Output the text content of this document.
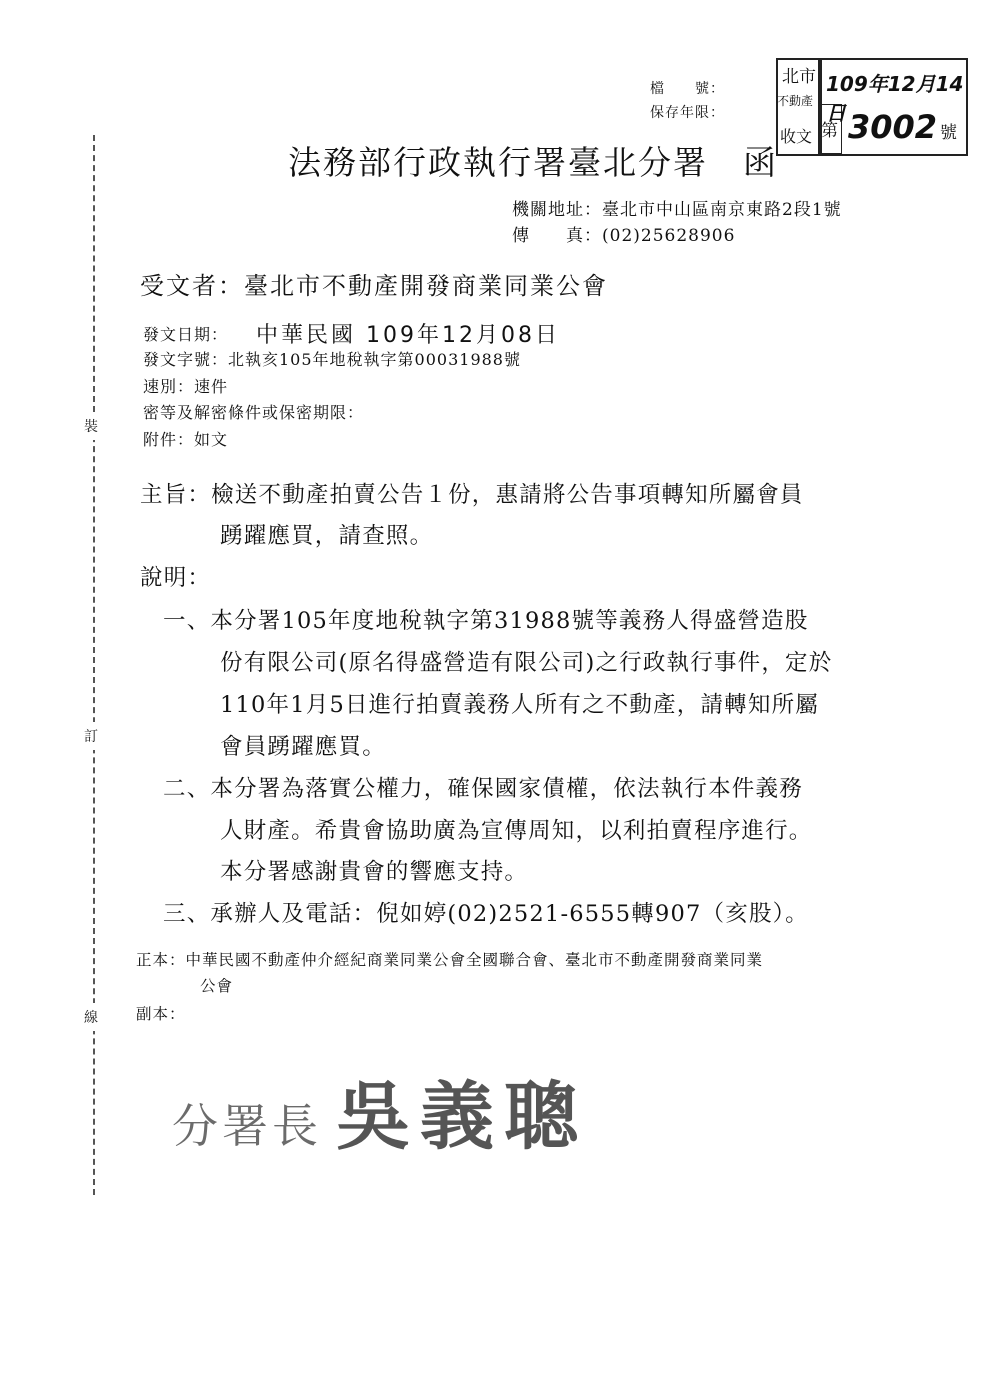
裝
訂
線
檔　　號：
保存年限：
北市
不動產
收文
109年12月14日
第 3002 號
法務部行政執行署臺北分署　函
機關地址：臺北市中山區南京東路2段1號
傳　　真：(02)25628906
受文者：臺北市不動產開發商業同業公會
發文日期： 中華民國 109年12月08日
發文字號：北執亥105年地稅執字第00031988號
速別：速件
密等及解密條件或保密期限：
附件：如文
主旨：檢送不動產拍賣公告１份，惠請將公告事項轉知所屬會員
踴躍應買，請查照。
說明：
一、本分署105年度地稅執字第31988號等義務人得盛營造股
份有限公司(原名得盛營造有限公司)之行政執行事件，定於
110年1月5日進行拍賣義務人所有之不動產，請轉知所屬
會員踴躍應買。
二、本分署為落實公權力，確保國家債權，依法執行本件義務
人財產。希貴會協助廣為宣傳周知，以利拍賣程序進行。
本分署感謝貴會的響應支持。
三、承辦人及電話：倪如婷(02)2521-6555轉907（亥股）。
正本：中華民國不動產仲介經紀商業同業公會全國聯合會、臺北市不動產開發商業同業
公會
副本：
分署長 吳義聰
